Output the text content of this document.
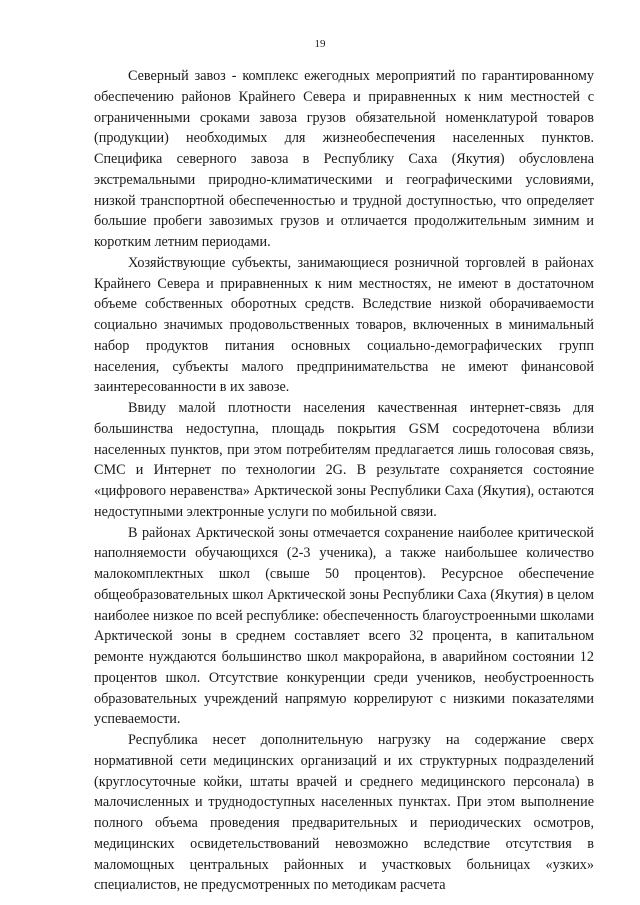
19

Северный завоз - комплекс ежегодных мероприятий по гарантированному обеспечению районов Крайнего Севера и приравненных к ним местностей с ограниченными сроками завоза грузов обязательной номенклатурой товаров (продукции) необходимых для жизнеобеспечения населенных пунктов. Специфика северного завоза в Республику Саха (Якутия) обусловлена экстремальными природно-климатическими и географическими условиями, низкой транспортной обеспеченностью и трудной доступностью, что определяет большие пробеги завозимых грузов и отличается продолжительным зимним и коротким летним периодами.

Хозяйствующие субъекты, занимающиеся розничной торговлей в районах Крайнего Севера и приравненных к ним местностях, не имеют в достаточном объеме собственных оборотных средств. Вследствие низкой оборачиваемости социально значимых продовольственных товаров, включенных в минимальный набор продуктов питания основных социально-демографических групп населения, субъекты малого предпринимательства не имеют финансовой заинтересованности в их завозе.

Ввиду малой плотности населения качественная интернет-связь для большинства недоступна, площадь покрытия GSM сосредоточена вблизи населенных пунктов, при этом потребителям предлагается лишь голосовая связь, СМС и Интернет по технологии 2G. В результате сохраняется состояние «цифрового неравенства» Арктической зоны Республики Саха (Якутия), остаются недоступными электронные услуги по мобильной связи.

В районах Арктической зоны отмечается сохранение наиболее критической наполняемости обучающихся (2-3 ученика), а также наибольшее количество малокомплектных школ (свыше 50 процентов). Ресурсное обеспечение общеобразовательных школ Арктической зоны Республики Саха (Якутия) в целом наиболее низкое по всей республике: обеспеченность благоустроенными школами Арктической зоны в среднем составляет всего 32 процента, в капитальном ремонте нуждаются большинство школ макрорайона, в аварийном состоянии 12 процентов школ. Отсутствие конкуренции среди учеников, необустроенность образовательных учреждений напрямую коррелируют с низкими показателями успеваемости.

Республика несет дополнительную нагрузку на содержание сверх нормативной сети медицинских организаций и их структурных подразделений (круглосуточные койки, штаты врачей и среднего медицинского персонала) в малочисленных и труднодоступных населенных пунктах. При этом выполнение полного объема проведения предварительных и периодических осмотров, медицинских освидетельствований невозможно вследствие отсутствия в маломощных центральных районных и участковых больницах «узких» специалистов, не предусмотренных по методикам расчета
